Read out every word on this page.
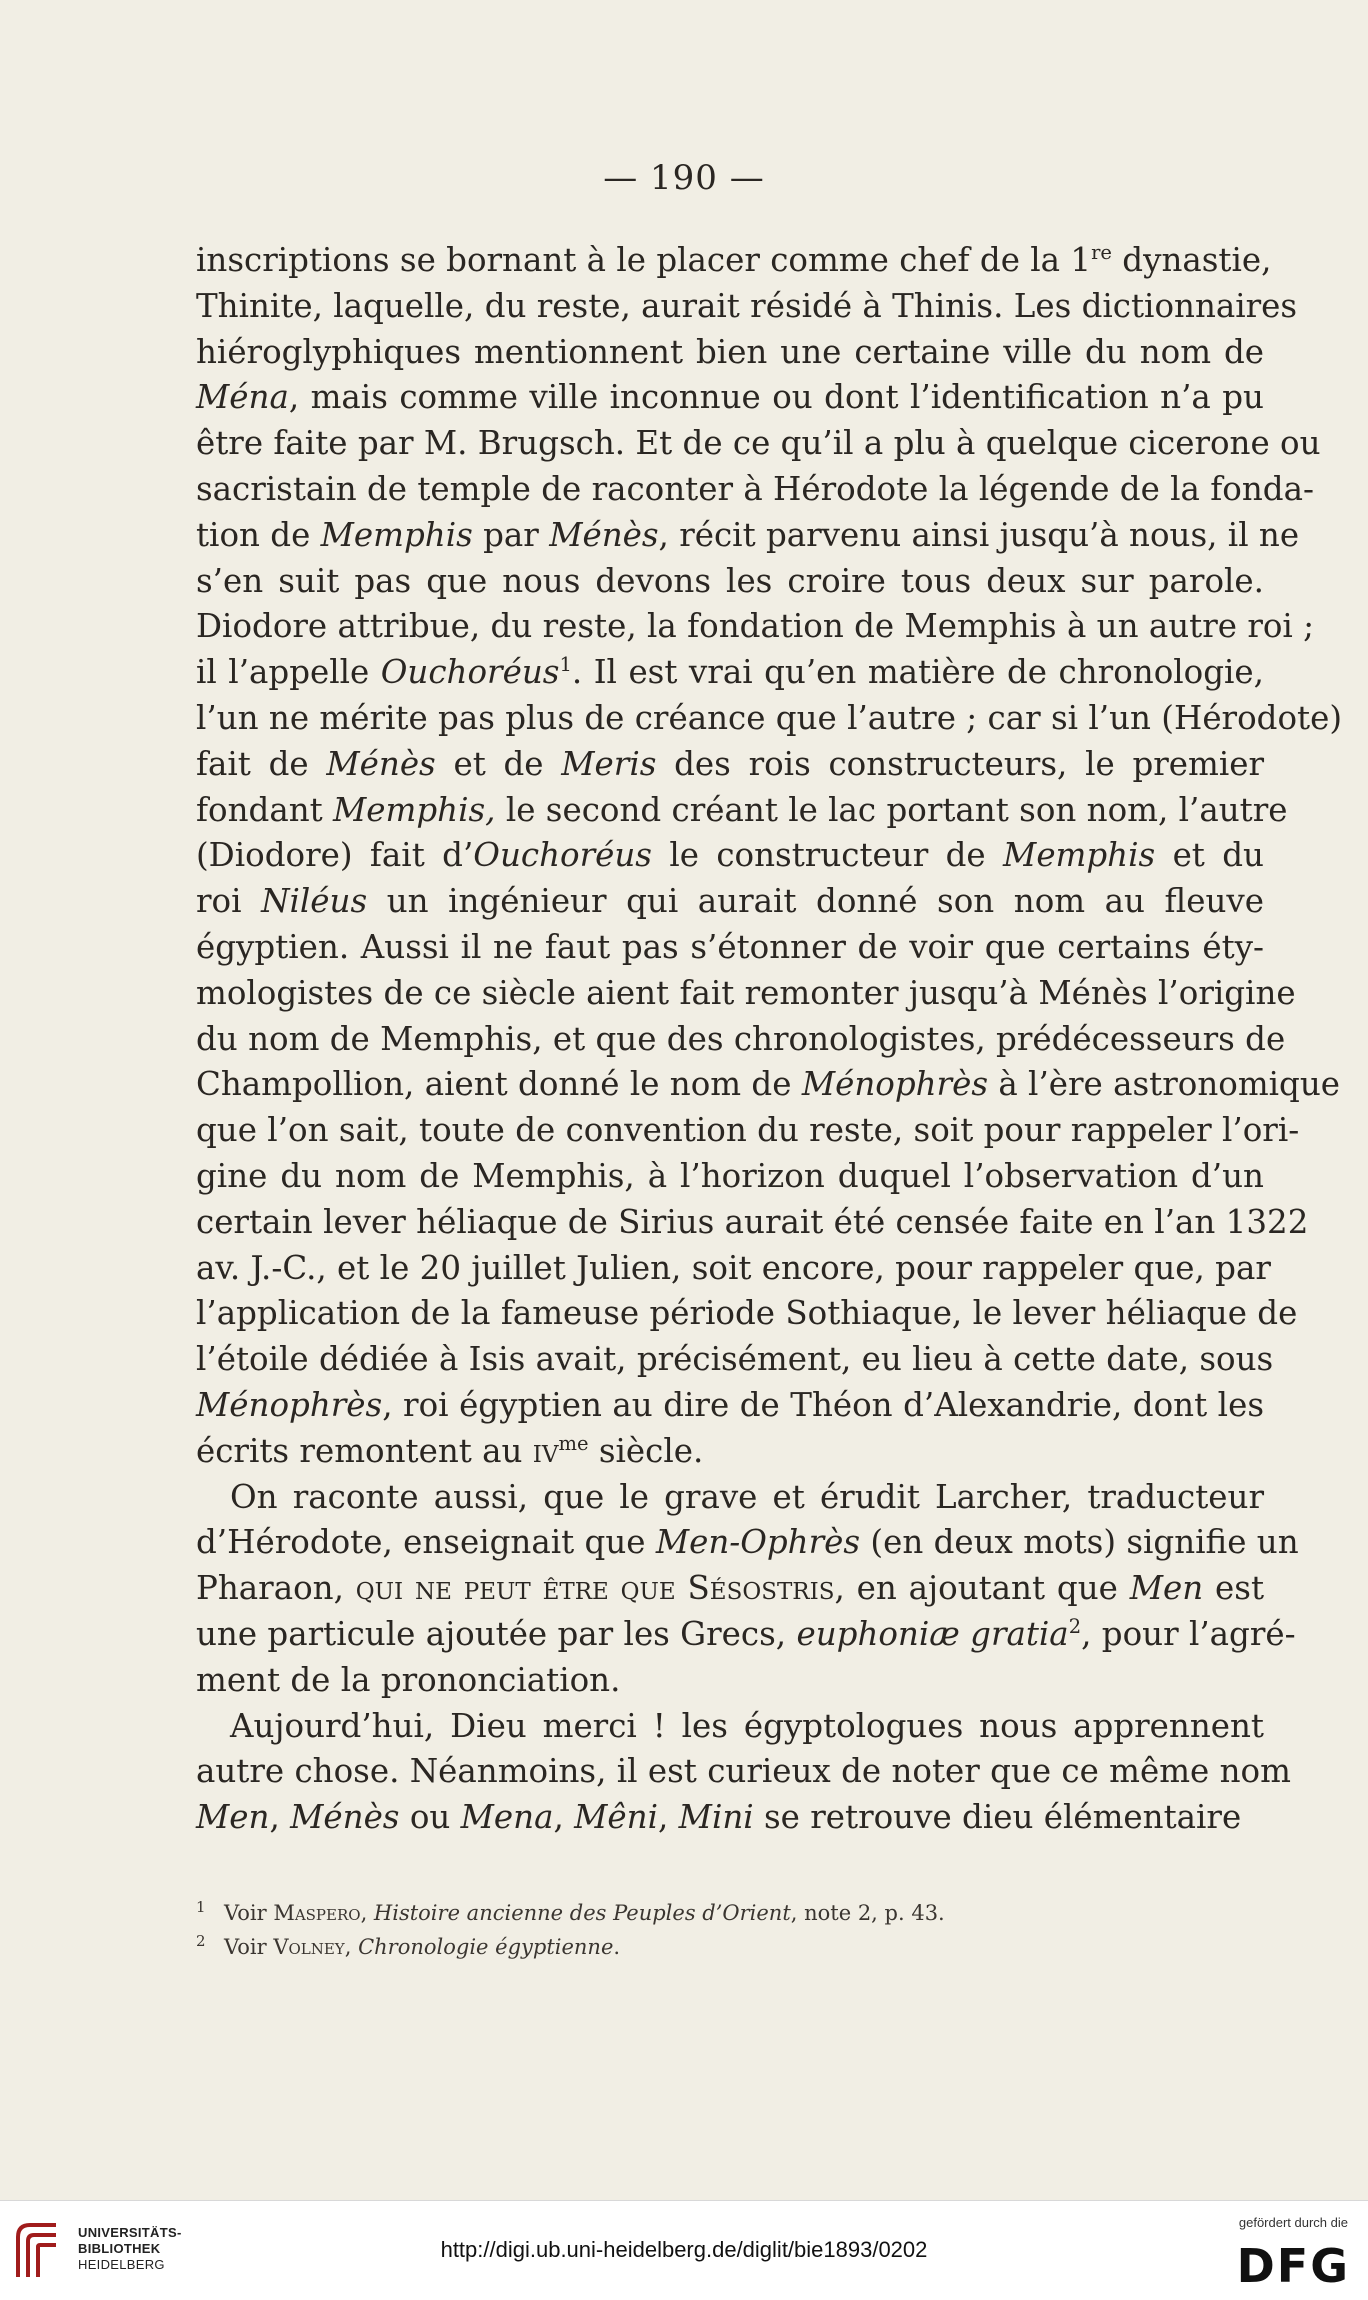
— 190 —
inscriptions se bornant à le placer comme chef de la 1re dynastie,
Thinite, laquelle, du reste, aurait résidé à Thinis. Les dictionnaires
hiéroglyphiques mentionnent bien une certaine ville du nom de
Ména, mais comme ville inconnue ou dont l’identification n’a pu
être faite par M. Brugsch. Et de ce qu’il a plu à quelque cicerone ou
sacristain de temple de raconter à Hérodote la légende de la fonda-
tion de Memphis par Ménès, récit parvenu ainsi jusqu’à nous, il ne
s’en suit pas que nous devons les croire tous deux sur parole.
Diodore attribue, du reste, la fondation de Memphis à un autre roi ;
il l’appelle Ouchoréus$^1$. Il est vrai qu’en matière de chronologie,
l’un ne mérite pas plus de créance que l’autre ; car si l’un (Hérodote)
fait de Ménès et de Meris des rois constructeurs, le premier
fondant Memphis, le second créant le lac portant son nom, l’autre
(Diodore) fait d’Ouchoréus le constructeur de Memphis et du
roi Niléus un ingénieur qui aurait donné son nom au fleuve
égyptien. Aussi il ne faut pas s’étonner de voir que certains éty-
mologistes de ce siècle aient fait remonter jusqu’à Ménès l’origine
du nom de Memphis, et que des chronologistes, prédécesseurs de
Champollion, aient donné le nom de Ménophrès à l’ère astronomique
que l’on sait, toute de convention du reste, soit pour rappeler l’ori-
gine du nom de Memphis, à l’horizon duquel l’observation d’un
certain lever héliaque de Sirius aurait été censée faite en l’an 1322
av. J.-C., et le 20 juillet Julien, soit encore, pour rappeler que, par
l’application de la fameuse période Sothiaque, le lever héliaque de
l’étoile dédiée à Isis avait, précisément, eu lieu à cette date, sous
Ménophrès, roi égyptien au dire de Théon d’Alexandrie, dont les
écrits remontent au $iv^{me}$ siècle.
On raconte aussi, que le grave et érudit Larcher, traducteur
d’Hérodote, enseignait que Men-Ophrès (en deux mots) signifie un
Pharaon, qui ne peut être que Sésostris, en ajoutant que Men est
une particule ajoutée par les Grecs, euphoniæ gratia$^2$, pour l’agré-
ment de la prononciation.
Aujourd’hui, Dieu merci ! les égyptologues nous apprennent
autre chose. Néanmoins, il est curieux de noter que ce même nom
Men, Ménès ou Mena, Mêni, Mini se retrouve dieu élémentaire
1 Voir Maspero, Histoire ancienne des Peuples d’Orient, note 2, p. 43.
2 Voir Volney, Chronologie égyptienne.
UNIVERSITÄTS-
BIBLIOTHEK
HEIDELBERG
http://digi.ub.uni-heidelberg.de/diglit/bie1893/0202
gefördert durch die
DFG
